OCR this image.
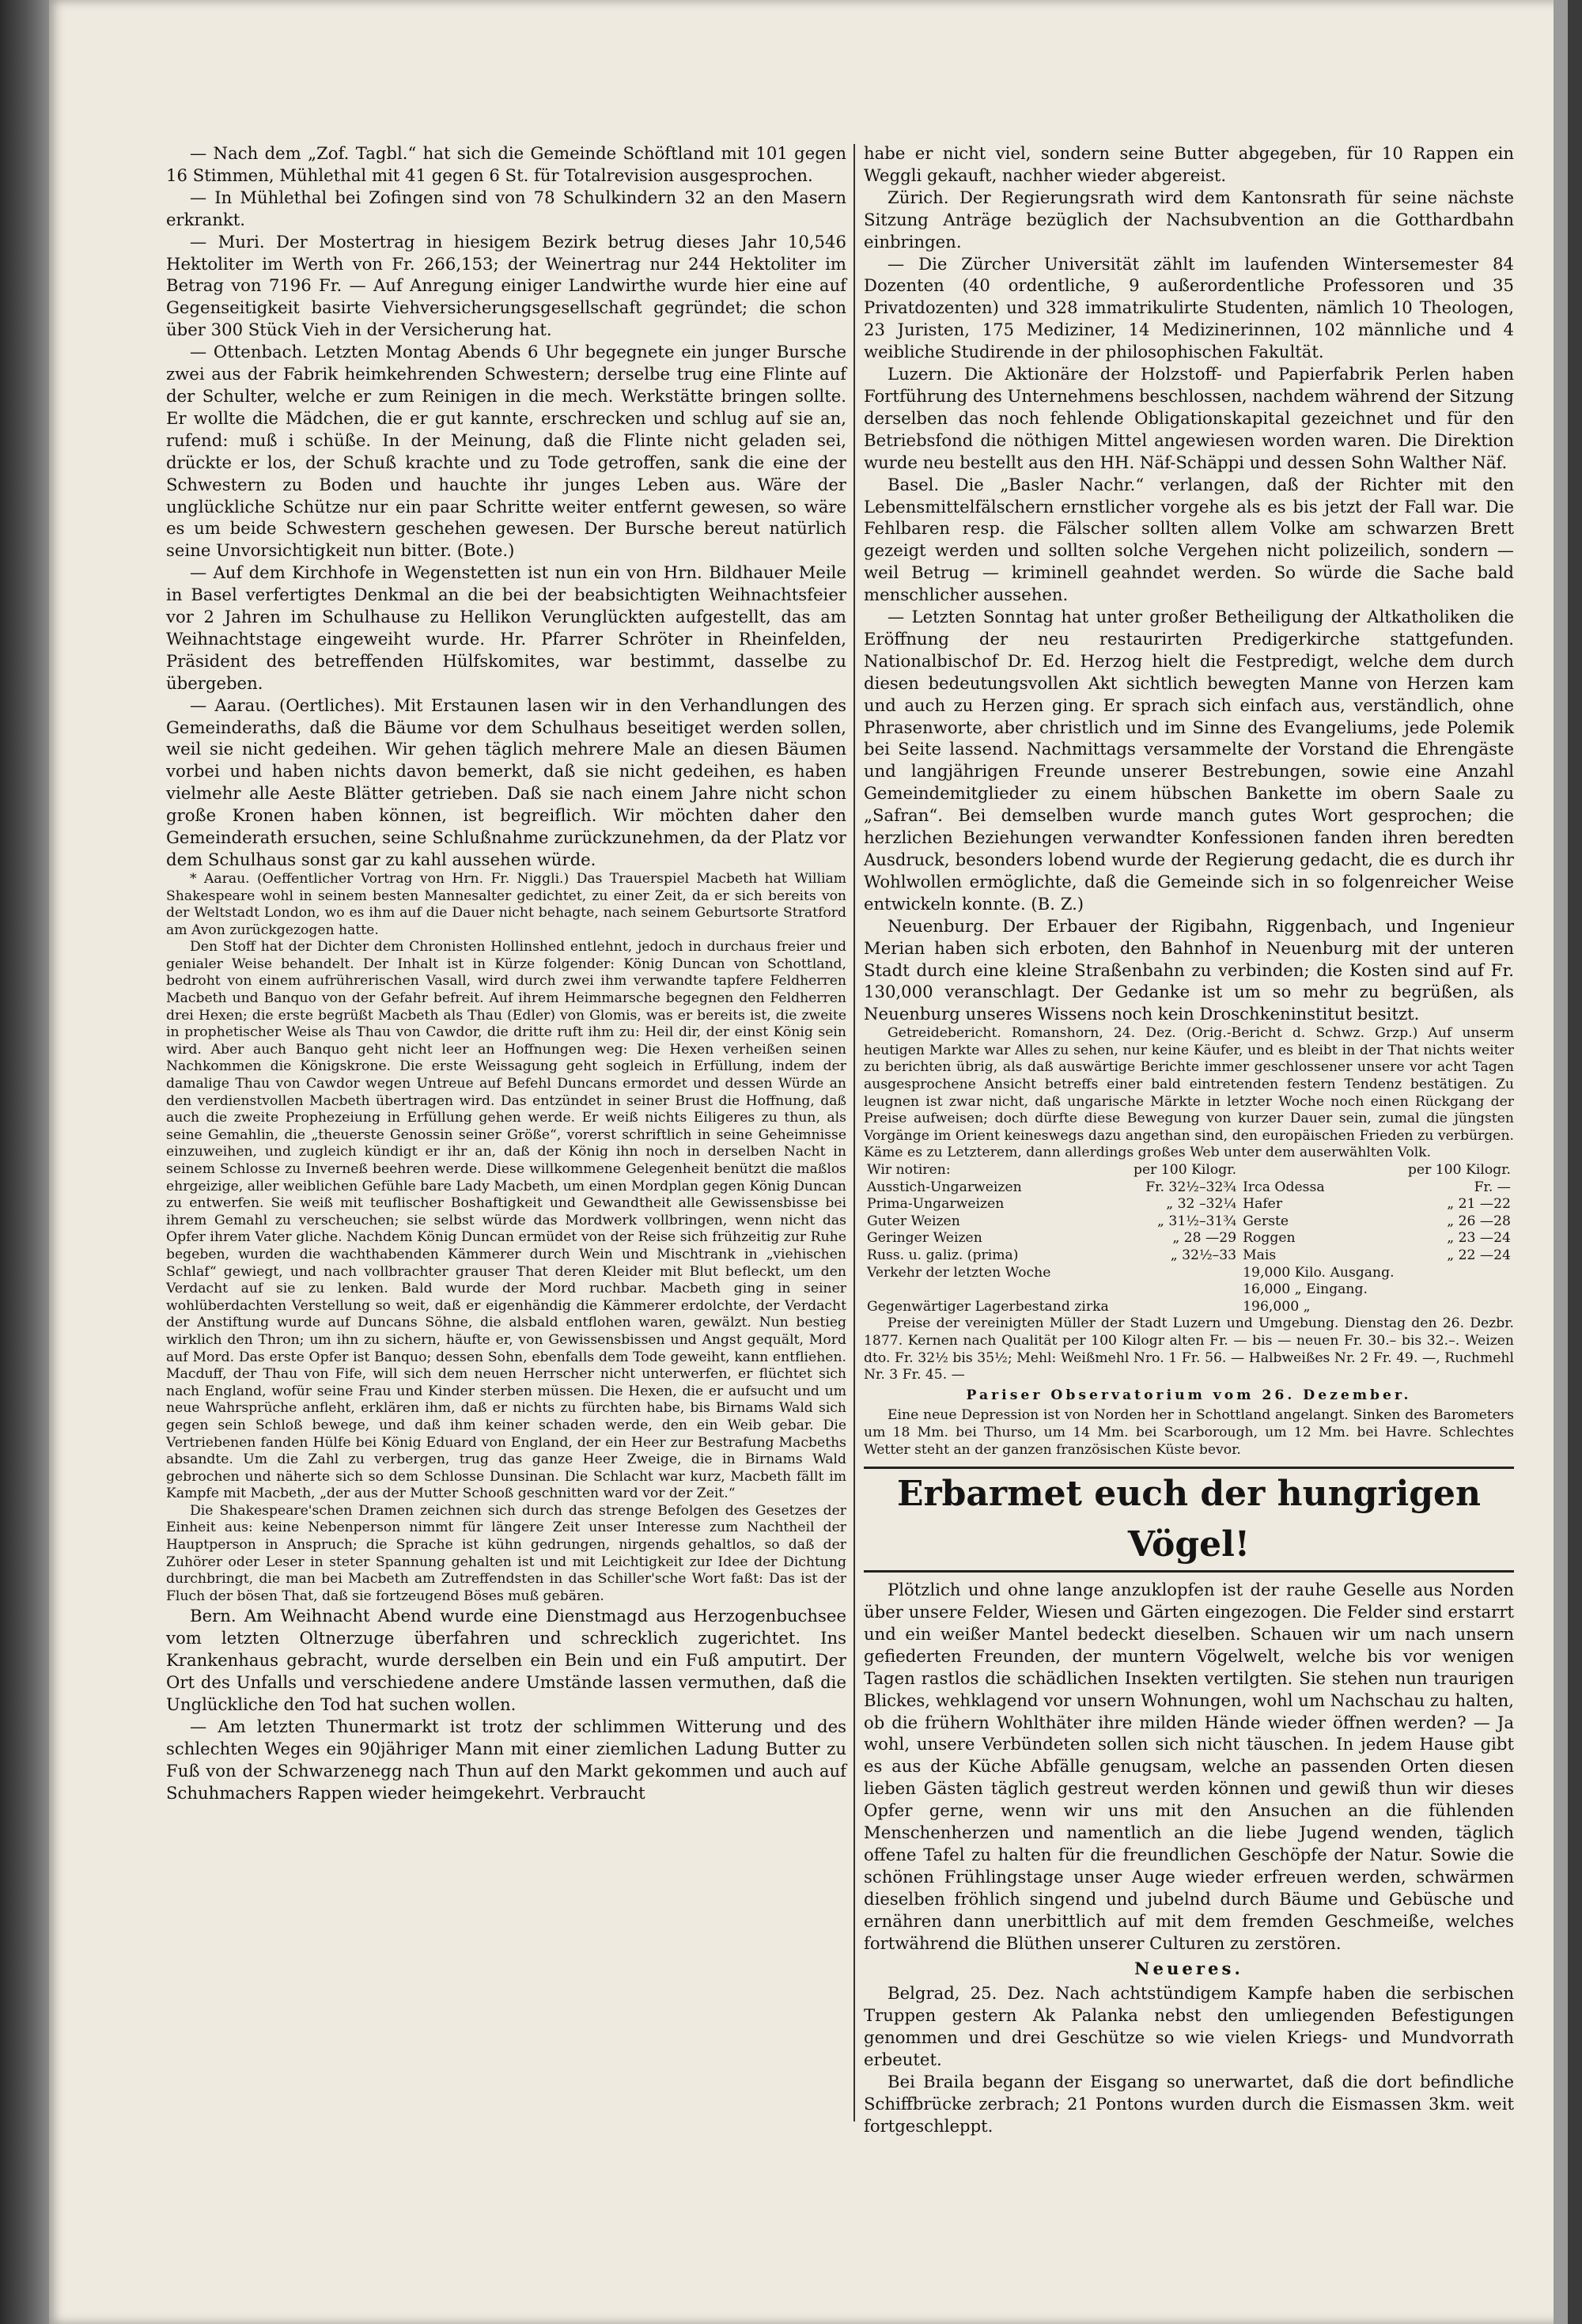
— Nach dem „Zof. Tagbl.“ hat sich die Gemeinde Schöftland mit 101 gegen 16 Stimmen, Mühlethal mit 41 gegen 6 St. für Totalrevision ausgesprochen.

— In Mühlethal bei Zofingen sind von 78 Schulkindern 32 an den Masern erkrankt.

— Muri. Der Mostertrag in hiesigem Bezirk betrug dieses Jahr 10,546 Hektoliter im Werth von Fr. 266,153; der Weinertrag nur 244 Hektoliter im Betrag von 7196 Fr. — Auf Anregung einiger Landwirthe wurde hier eine auf Gegenseitigkeit basirte Viehversicherungsgesellschaft gegründet; die schon über 300 Stück Vieh in der Versicherung hat.

— Ottenbach. Letzten Montag Abends 6 Uhr begegnete ein junger Bursche zwei aus der Fabrik heimkehrenden Schwestern; derselbe trug eine Flinte auf der Schulter, welche er zum Reinigen in die mech. Werkstätte bringen sollte. Er wollte die Mädchen, die er gut kannte, erschrecken und schlug auf sie an, rufend: muß i schüße. In der Meinung, daß die Flinte nicht geladen sei, drückte er los, der Schuß krachte und zu Tode getroffen, sank die eine der Schwestern zu Boden und hauchte ihr junges Leben aus. Wäre der unglückliche Schütze nur ein paar Schritte weiter entfernt gewesen, so wäre es um beide Schwestern geschehen gewesen. Der Bursche bereut natürlich seine Unvorsichtigkeit nun bitter. (Bote.)

— Auf dem Kirchhofe in Wegenstetten ist nun ein von Hrn. Bildhauer Meile in Basel verfertigtes Denkmal an die bei der beabsichtigten Weihnachtsfeier vor 2 Jahren im Schulhause zu Hellikon Verunglückten aufgestellt, das am Weihnachtstage eingeweiht wurde. Hr. Pfarrer Schröter in Rheinfelden, Präsident des betreffenden Hülfskomites, war bestimmt, dasselbe zu übergeben.

— Aarau. (Oertliches). Mit Erstaunen lasen wir in den Verhandlungen des Gemeinderaths, daß die Bäume vor dem Schulhaus beseitiget werden sollen, weil sie nicht gedeihen. Wir gehen täglich mehrere Male an diesen Bäumen vorbei und haben nichts davon bemerkt, daß sie nicht gedeihen, es haben vielmehr alle Aeste Blätter getrieben. Daß sie nach einem Jahre nicht schon große Kronen haben können, ist begreiflich. Wir möchten daher den Gemeinderath ersuchen, seine Schlußnahme zurückzunehmen, da der Platz vor dem Schulhaus sonst gar zu kahl aussehen würde.

* Aarau. (Oeffentlicher Vortrag von Hrn. Fr. Niggli.) Das Trauerspiel Macbeth hat William Shakespeare wohl in seinem besten Mannesalter gedichtet, zu einer Zeit, da er sich bereits von der Weltstadt London, wo es ihm auf die Dauer nicht behagte, nach seinem Geburtsorte Stratford am Avon zurückgezogen hatte.

Den Stoff hat der Dichter dem Chronisten Hollinshed entlehnt, jedoch in durchaus freier und genialer Weise behandelt. Der Inhalt ist in Kürze folgender: König Duncan von Schottland, bedroht von einem aufrührerischen Vasall, wird durch zwei ihm verwandte tapfere Feldherren Macbeth und Banquo von der Gefahr befreit. Auf ihrem Heimmarsche begegnen den Feldherren drei Hexen; die erste begrüßt Macbeth als Thau (Edler) von Glomis, was er bereits ist, die zweite in prophetischer Weise als Thau von Cawdor, die dritte ruft ihm zu: Heil dir, der einst König sein wird. Aber auch Banquo geht nicht leer an Hoffnungen weg: Die Hexen verheißen seinen Nachkommen die Königskrone. Die erste Weissagung geht sogleich in Erfüllung, indem der damalige Thau von Cawdor wegen Untreue auf Befehl Duncans ermordet und dessen Würde an den verdienstvollen Macbeth übertragen wird. Das entzündet in seiner Brust die Hoffnung, daß auch die zweite Prophezeiung in Erfüllung gehen werde. Er weiß nichts Eiligeres zu thun, als seine Gemahlin, die „theuerste Genossin seiner Größe“, vorerst schriftlich in seine Geheimnisse einzuweihen, und zugleich kündigt er ihr an, daß der König ihn noch in derselben Nacht in seinem Schlosse zu Inverneß beehren werde. Diese willkommene Gelegenheit benützt die maßlos ehrgeizige, aller weiblichen Gefühle bare Lady Macbeth, um einen Mordplan gegen König Duncan zu entwerfen. Sie weiß mit teuflischer Boshaftigkeit und Gewandtheit alle Gewissensbisse bei ihrem Gemahl zu verscheuchen; sie selbst würde das Mordwerk vollbringen, wenn nicht das Opfer ihrem Vater gliche. Nachdem König Duncan ermüdet von der Reise sich frühzeitig zur Ruhe begeben, wurden die wachthabenden Kämmerer durch Wein und Mischtrank in „viehischen Schlaf“ gewiegt, und nach vollbrachter grauser That deren Kleider mit Blut befleckt, um den Verdacht auf sie zu lenken. Bald wurde der Mord ruchbar. Macbeth ging in seiner wohlüberdachten Verstellung so weit, daß er eigenhändig die Kämmerer erdolchte, der Verdacht der Anstiftung wurde auf Duncans Söhne, die alsbald entflohen waren, gewälzt. Nun bestieg wirklich den Thron; um ihn zu sichern, häufte er, von Gewissensbissen und Angst gequält, Mord auf Mord. Das erste Opfer ist Banquo; dessen Sohn, ebenfalls dem Tode geweiht, kann entfliehen. Macduff, der Thau von Fife, will sich dem neuen Herrscher nicht unterwerfen, er flüchtet sich nach England, wofür seine Frau und Kinder sterben müssen. Die Hexen, die er aufsucht und um neue Wahrsprüche anfleht, erklären ihm, daß er nichts zu fürchten habe, bis Birnams Wald sich gegen sein Schloß bewege, und daß ihm keiner schaden werde, den ein Weib gebar. Die Vertriebenen fanden Hülfe bei König Eduard von England, der ein Heer zur Bestrafung Macbeths absandte. Um die Zahl zu verbergen, trug das ganze Heer Zweige, die in Birnams Wald gebrochen und näherte sich so dem Schlosse Dunsinan. Die Schlacht war kurz, Macbeth fällt im Kampfe mit Macbeth, „der aus der Mutter Schooß geschnitten ward vor der Zeit.“

Die Shakespeare'schen Dramen zeichnen sich durch das strenge Befolgen des Gesetzes der Einheit aus: keine Nebenperson nimmt für längere Zeit unser Interesse zum Nachtheil der Hauptperson in Anspruch; die Sprache ist kühn gedrungen, nirgends gehaltlos, so daß der Zuhörer oder Leser in steter Spannung gehalten ist und mit Leichtigkeit zur Idee der Dichtung durchbringt, die man bei Macbeth am Zutreffendsten in das Schiller'sche Wort faßt: Das ist der Fluch der bösen That, daß sie fortzeugend Böses muß gebären.

Bern. Am Weihnacht Abend wurde eine Dienstmagd aus Herzogenbuchsee vom letzten Oltnerzuge überfahren und schrecklich zugerichtet. Ins Krankenhaus gebracht, wurde derselben ein Bein und ein Fuß amputirt. Der Ort des Unfalls und verschiedene andere Umstände lassen vermuthen, daß die Unglückliche den Tod hat suchen wollen.

— Am letzten Thunermarkt ist trotz der schlimmen Witterung und des schlechten Weges ein 90jähriger Mann mit einer ziemlichen Ladung Butter zu Fuß von der Schwarzenegg nach Thun auf den Markt gekommen und auch auf Schuhmachers Rappen wieder heimgekehrt. Verbraucht

habe er nicht viel, sondern seine Butter abgegeben, für 10 Rappen ein Weggli gekauft, nachher wieder abgereist.

Zürich. Der Regierungsrath wird dem Kantonsrath für seine nächste Sitzung Anträge bezüglich der Nachsubvention an die Gotthardbahn einbringen.

— Die Zürcher Universität zählt im laufenden Wintersemester 84 Dozenten (40 ordentliche, 9 außerordentliche Professoren und 35 Privatdozenten) und 328 immatrikulirte Studenten, nämlich 10 Theologen, 23 Juristen, 175 Mediziner, 14 Medizinerinnen, 102 männliche und 4 weibliche Studirende in der philosophischen Fakultät.

Luzern. Die Aktionäre der Holzstoff- und Papierfabrik Perlen haben Fortführung des Unternehmens beschlossen, nachdem während der Sitzung derselben das noch fehlende Obligationskapital gezeichnet und für den Betriebsfond die nöthigen Mittel angewiesen worden waren. Die Direktion wurde neu bestellt aus den HH. Näf-Schäppi und dessen Sohn Walther Näf.

Basel. Die „Basler Nachr.“ verlangen, daß der Richter mit den Lebensmittelfälschern ernstlicher vorgehe als es bis jetzt der Fall war. Die Fehlbaren resp. die Fälscher sollten allem Volke am schwarzen Brett gezeigt werden und sollten solche Vergehen nicht polizeilich, sondern — weil Betrug — kriminell geahndet werden. So würde die Sache bald menschlicher aussehen.

— Letzten Sonntag hat unter großer Betheiligung der Altkatholiken die Eröffnung der neu restaurirten Predigerkirche stattgefunden. Nationalbischof Dr. Ed. Herzog hielt die Festpredigt, welche dem durch diesen bedeutungsvollen Akt sichtlich bewegten Manne von Herzen kam und auch zu Herzen ging. Er sprach sich einfach aus, verständlich, ohne Phrasenworte, aber christlich und im Sinne des Evangeliums, jede Polemik bei Seite lassend. Nachmittags versammelte der Vorstand die Ehrengäste und langjährigen Freunde unserer Bestrebungen, sowie eine Anzahl Gemeindemitglieder zu einem hübschen Bankette im obern Saale zu „Safran“. Bei demselben wurde manch gutes Wort gesprochen; die herzlichen Beziehungen verwandter Konfessionen fanden ihren beredten Ausdruck, besonders lobend wurde der Regierung gedacht, die es durch ihr Wohlwollen ermöglichte, daß die Gemeinde sich in so folgenreicher Weise entwickeln konnte. (B. Z.)

Neuenburg. Der Erbauer der Rigibahn, Riggenbach, und Ingenieur Merian haben sich erboten, den Bahnhof in Neuenburg mit der unteren Stadt durch eine kleine Straßenbahn zu verbinden; die Kosten sind auf Fr. 130,000 veranschlagt. Der Gedanke ist um so mehr zu begrüßen, als Neuenburg unseres Wissens noch kein Droschkeninstitut besitzt.

Getreidebericht. Romanshorn, 24. Dez. (Orig.-Bericht d. Schwz. Grzp.) Auf unserm heutigen Markte war Alles zu sehen, nur keine Käufer, und es bleibt in der That nichts weiter zu berichten übrig, als daß auswärtige Berichte immer geschlossener unsere vor acht Tagen ausgesprochene Ansicht betreffs einer bald eintretenden festern Tendenz bestätigen. Zu leugnen ist zwar nicht, daß ungarische Märkte in letzter Woche noch einen Rückgang der Preise aufweisen; doch dürfte diese Bewegung von kurzer Dauer sein, zumal die jüngsten Vorgänge im Orient keineswegs dazu angethan sind, den europäischen Frieden zu verbürgen. Käme es zu Letzterem, dann allerdings großes Web unter dem auserwählten Volk.

Wir notiren:	per 100 Kilogr.		per 100 Kilogr.
Ausstich-Ungarweizen	Fr. 32½–32¾	Irca Odessa	Fr. —
Prima-Ungarweizen	„ 32 –32¼	Hafer	„ 21 —22
Guter Weizen	„ 31½–31¾	Gerste	„ 26 —28
Geringer Weizen	„ 28 —29	Roggen	„ 23 —24
Russ. u. galiz. (prima)	„ 32½–33	Mais	„ 22 —24
Verkehr der letzten Woche		19,000 Kilo. Ausgang.	
		16,000 „ Eingang.	
Gegenwärtiger Lagerbestand zirka		196,000 „	

Preise der vereinigten Müller der Stadt Luzern und Umgebung. Dienstag den 26. Dezbr. 1877. Kernen nach Qualität per 100 Kilogr alten Fr. — bis — neuen Fr. 30.– bis 32.–. Weizen dto. Fr. 32½ bis 35½; Mehl: Weißmehl Nro. 1 Fr. 56. — Halbweißes Nr. 2 Fr. 49. —, Ruchmehl Nr. 3 Fr. 45. —

Pariser Observatorium vom 26. Dezember.

Eine neue Depression ist von Norden her in Schottland angelangt. Sinken des Barometers um 18 Mm. bei Thurso, um 14 Mm. bei Scarborough, um 12 Mm. bei Havre. Schlechtes Wetter steht an der ganzen französischen Küste bevor.

Erbarmet euch der hungrigen Vögel!

Plötzlich und ohne lange anzuklopfen ist der rauhe Geselle aus Norden über unsere Felder, Wiesen und Gärten eingezogen. Die Felder sind erstarrt und ein weißer Mantel bedeckt dieselben. Schauen wir um nach unsern gefiederten Freunden, der muntern Vögelwelt, welche bis vor wenigen Tagen rastlos die schädlichen Insekten vertilgten. Sie stehen nun traurigen Blickes, wehklagend vor unsern Wohnungen, wohl um Nachschau zu halten, ob die frühern Wohlthäter ihre milden Hände wieder öffnen werden? — Ja wohl, unsere Verbündeten sollen sich nicht täuschen. In jedem Hause gibt es aus der Küche Abfälle genugsam, welche an passenden Orten diesen lieben Gästen täglich gestreut werden können und gewiß thun wir dieses Opfer gerne, wenn wir uns mit den Ansuchen an die fühlenden Menschenherzen und namentlich an die liebe Jugend wenden, täglich offene Tafel zu halten für die freundlichen Geschöpfe der Natur. Sowie die schönen Frühlingstage unser Auge wieder erfreuen werden, schwärmen dieselben fröhlich singend und jubelnd durch Bäume und Gebüsche und ernähren dann unerbittlich auf mit dem fremden Geschmeiße, welches fortwährend die Blüthen unserer Culturen zu zerstören.

Neueres.

Belgrad, 25. Dez. Nach achtstündigem Kampfe haben die serbischen Truppen gestern Ak Palanka nebst den umliegenden Befestigungen genommen und drei Geschütze so wie vielen Kriegs- und Mundvorrath erbeutet.

Bei Braila begann der Eisgang so unerwartet, daß die dort befindliche Schiffbrücke zerbrach; 21 Pontons wurden durch die Eismassen 3km. weit fortgeschleppt.
